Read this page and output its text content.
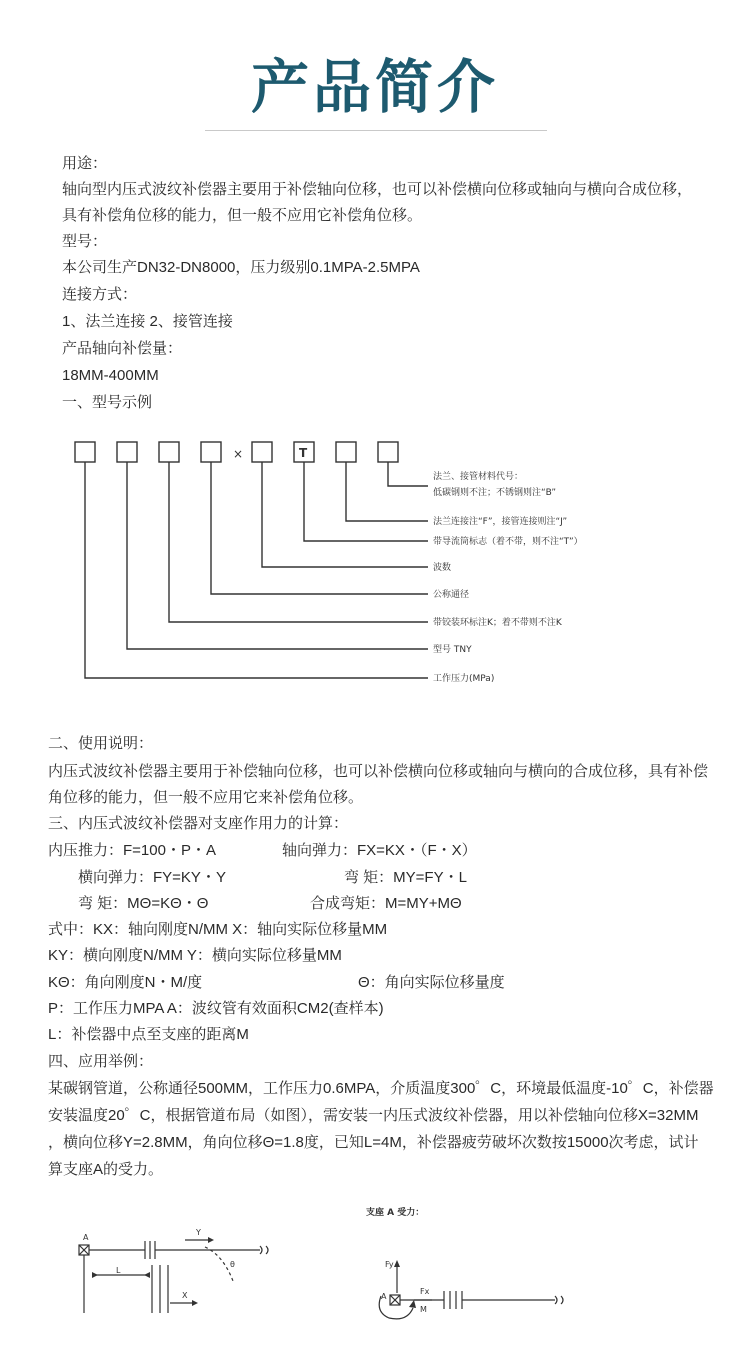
产品简介
用途：
轴向型内压式波纹补偿器主要用于补偿轴向位移，也可以补偿横向位移或轴向与横向合成位移，
具有补偿角位移的能力，但一般不应用它补偿角位移。
型号：
本公司生产DN32-DN8000，压力级别0.1MPA-2.5MPA
连接方式：
1、法兰连接 2、接管连接
产品轴向补偿量：
18MM-400MM
一、型号示例
×	T
法兰、接管材料代号：
低碳钢则不注；不锈钢则注“B”
法兰连接注“F”，接管连接则注“J”
带导流筒标志（着不带，则不注“T”）
波数
公称通径
带铰装环标注K；着不带则不注K
型号 TNY
工作压力(MPa)
二、使用说明：
内压式波纹补偿器主要用于补偿轴向位移，也可以补偿横向位移或轴向与横向的合成位移，具有补偿
角位移的能力，但一般不应用它来补偿角位移。
三、内压式波纹补偿器对支座作用力的计算：
内压推力：F=100・P・A	轴向弹力：FX=KX・（F・X）
横向弹力：FY=KY・Y	弯 矩：MY=FY・L
弯 矩：MΘ=KΘ・Θ	合成弯矩：M=MY+MΘ
式中：KX：轴向刚度N/MM X：轴向实际位移量MM
KY：横向刚度N/MM Y：横向实际位移量MM
KΘ：角向刚度N・M/度	Θ：角向实际位移量度
P：工作压力MPA A：波纹管有效面积CM2(查样本)
L：补偿器中点至支座的距离M
四、应用举例：
某碳钢管道，公称通径500MM，工作压力0.6MPA，介质温度300゜C，环境最低温度-10゜C，补偿器
安装温度20゜C，根据管道布局（如图），需安装一内压式波纹补偿器，用以补偿轴向位移X=32MM
，横向位移Y=2.8MM，角向位移Θ=1.8度，已知L=4M，补偿器疲劳破坏次数按15000次考虑，试计
算支座A的受力。
支座 A 受力：
A
L
Y
X
θ	Fy
A
Fx
M
